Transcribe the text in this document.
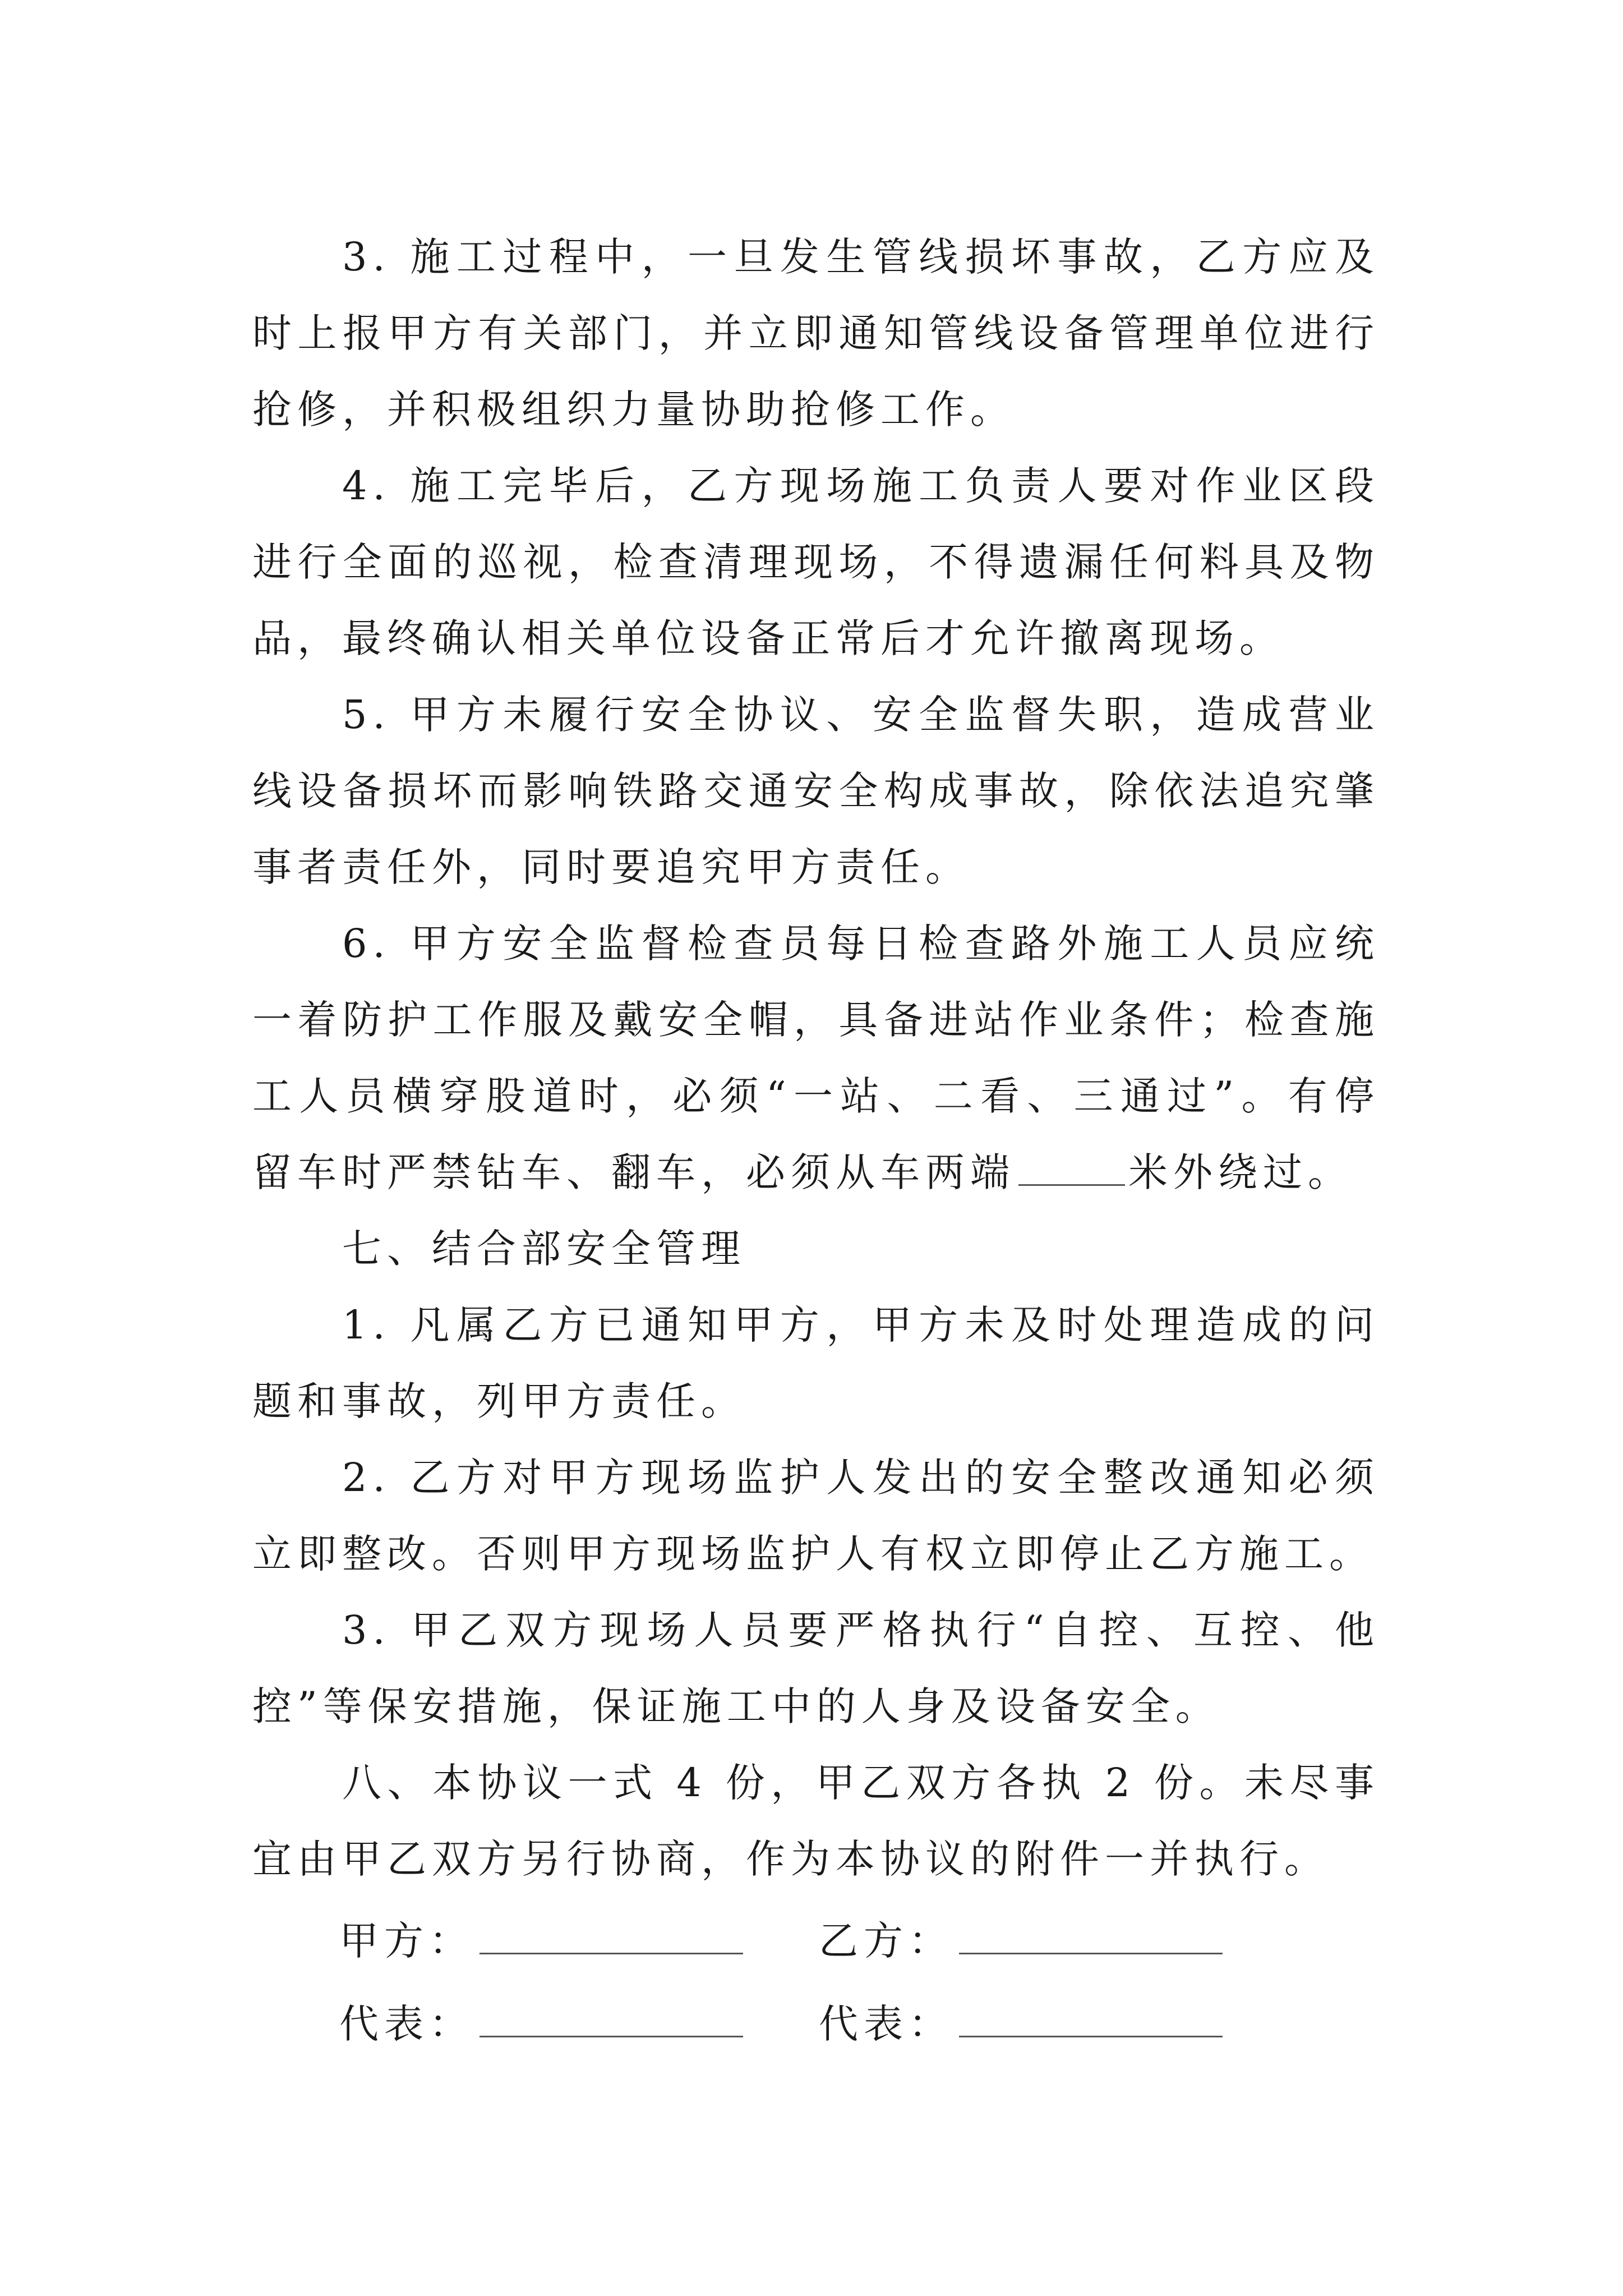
3. 施工过程中，一旦发生管线损坏事故，乙方应及时上报甲方有关部门，并立即通知管线设备管理单位进行抢修，并积极组织力量协助抢修工作。

4. 施工完毕后，乙方现场施工负责人要对作业区段进行全面的巡视，检查清理现场，不得遗漏任何料具及物品，最终确认相关单位设备正常后才允许撤离现场。

5. 甲方未履行安全协议、安全监督失职，造成营业线设备损坏而影响铁路交通安全构成事故，除依法追究肇事者责任外，同时要追究甲方责任。

6. 甲方安全监督检查员每日检查路外施工人员应统一着防护工作服及戴安全帽，具备进站作业条件；检查施工人员横穿股道时，必须“一站、二看、三通过”。有停留车时严禁钻车、翻车，必须从车两端	米外绕过。

七、结合部安全管理

1. 凡属乙方已通知甲方，甲方未及时处理造成的问题和事故，列甲方责任。

2. 乙方对甲方现场监护人发出的安全整改通知必须立即整改。否则甲方现场监护人有权立即停止乙方施工。

3. 甲乙双方现场人员要严格执行“自控、互控、他控”等保安措施，保证施工中的人身及设备安全。

八、本协议一式 4 份，甲乙双方各执 2 份。未尽事宜由甲乙双方另行协商，作为本协议的附件一并执行。

甲方：	乙方：
代表：	代表：
